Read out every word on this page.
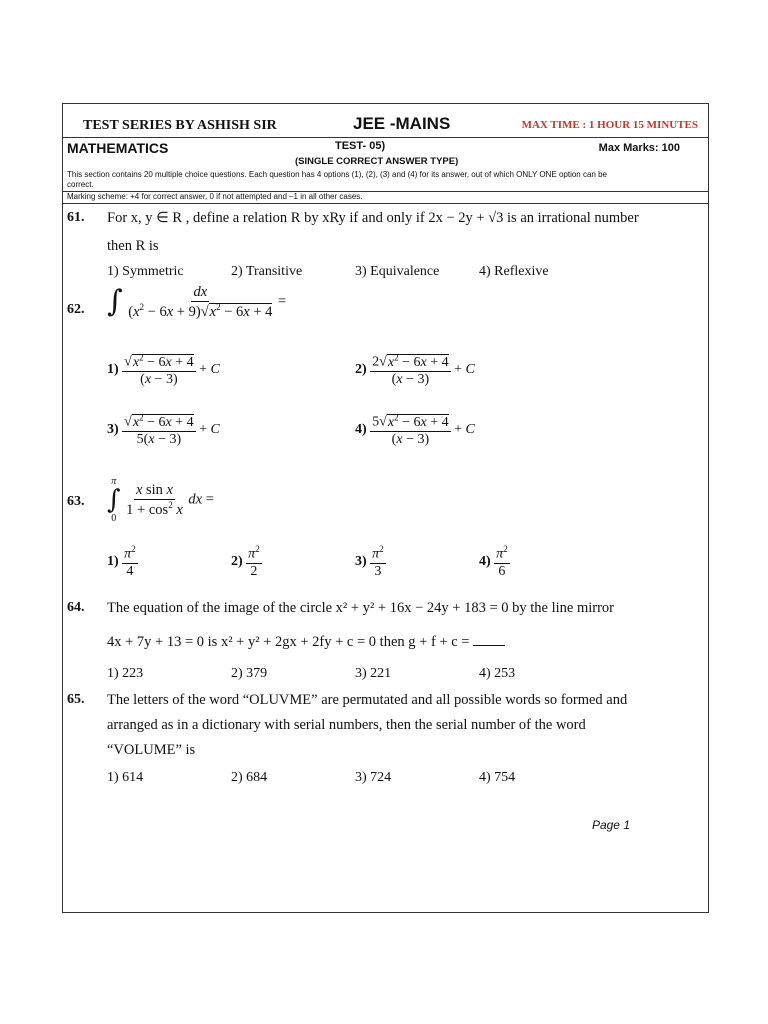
TEST SERIES BY ASHISH SIR	JEE -MAINS	MAX TIME : 1 HOUR 15 MINUTES
MATHEMATICS	TEST- 05)	Max Marks: 100
(SINGLE CORRECT ANSWER TYPE)
This section contains 20 multiple choice questions. Each question has 4 options (1), (2), (3) and (4) for its answer, out of which ONLY ONE option can be
correct.
Marking scheme: +4 for correct answer, 0 if not attempted and –1 in all other cases.
61. For x, y ∈ R , define a relation R by xRy if and only if 2x − 2y + √3 is an irrational number
then R is
1) Symmetric	2) Transitive	3) Equivalence	4) Reflexive
62. ∫ $\frac{dx}{(x^2 - 6x + 9)√x^2 - 6x + 4}$ =
$1) \frac{√x^2 - 6x + 4}{(x - 3)} + C$	$2) \frac{2√x^2 - 6x + 4}{(x - 3)} + C$
$3) \frac{√x^2 - 6x + 4}{5(x - 3)} + C$	$4) \frac{5√x^2 - 6x + 4}{(x - 3)} + C$
63.
π
∫
0

$\frac{\text{x sin x}}{1 + \cos^2 x}$ dx =
$1) \frac{\pi^2}{4}$	$2) \frac{\pi^2}{2}$	$3) \frac{\pi^2}{3}$	$4) \frac{\pi^2}{6}$
64. The equation of the image of the circle x² + y² + 16x − 24y + 183 = 0 by the line mirror
4x + 7y + 13 = 0 is x² + y² + 2gx + 2fy + c = 0 then g + f + c =
1) 223	2) 379	3) 221	4) 253
65. The letters of the word “OLUVME” are permutated and all possible words so formed and
arranged as in a dictionary with serial numbers, then the serial number of the word
“VOLUME” is
1) 614	2) 684	3) 724	4) 754
Page 1
